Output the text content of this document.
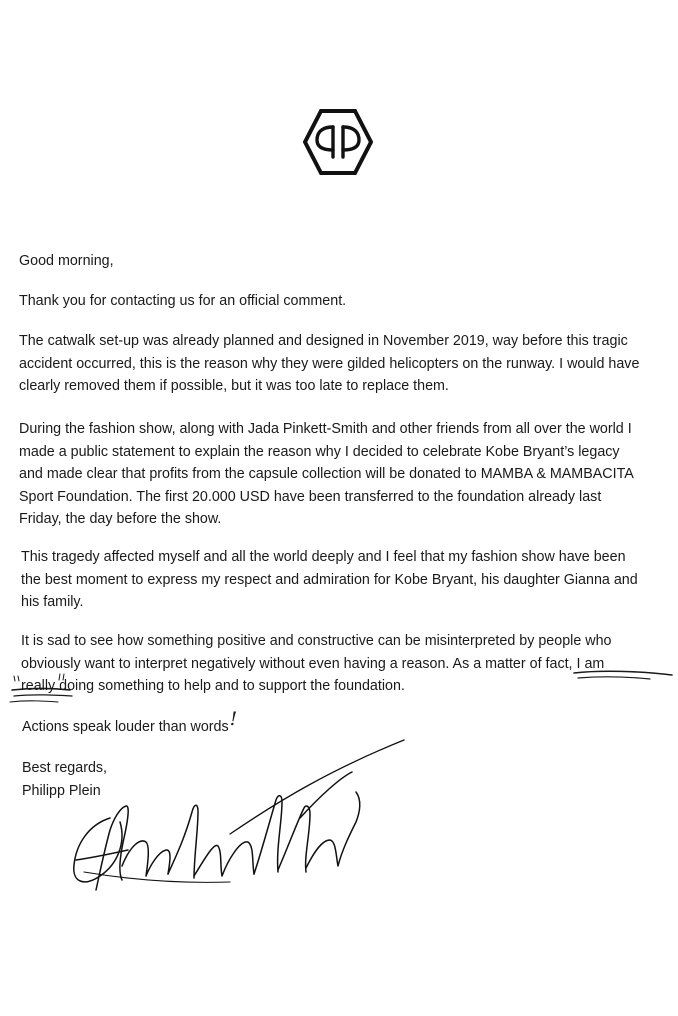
Good morning,

Thank you for contacting us for an official comment.

The catwalk set-up was already planned and designed in November 2019, way before this tragic
accident occurred, this is the reason why they were gilded helicopters on the runway. I would have
clearly removed them if possible, but it was too late to replace them.

During the fashion show, along with Jada Pinkett-Smith and other friends from all over the world I
made a public statement to explain the reason why I decided to celebrate Kobe Bryant’s legacy
and made clear that profits from the capsule collection will be donated to MAMBA & MAMBACITA
Sport Foundation. The first 20.000 USD have been transferred to the foundation already last
Friday, the day before the show.

This tragedy affected myself and all the world deeply and I feel that my fashion show have been
the best moment to express my respect and admiration for Kobe Bryant, his daughter Gianna and
his family.

It is sad to see how something positive and constructive can be misinterpreted by people who
obviously want to interpret negatively without even having a reason. As a matter of fact, I am
really doing something to help and to support the foundation.

Actions speak louder than words!

Best regards,
Philipp Plein
